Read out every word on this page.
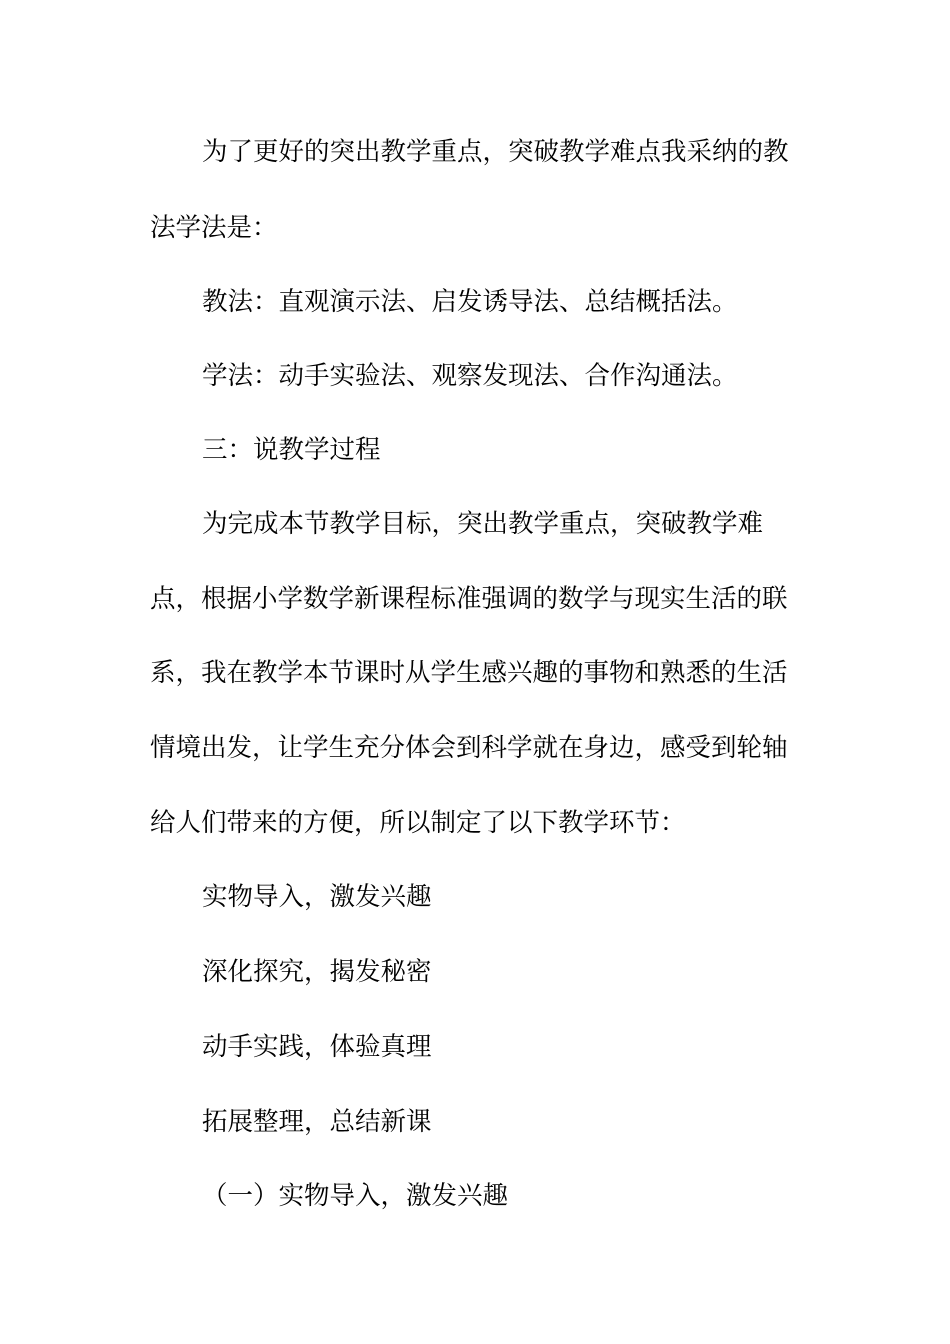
为了更好的突出教学重点，突破教学难点我采纳的教
法学法是：
教法：直观演示法、启发诱导法、总结概括法。
学法：动手实验法、观察发现法、合作沟通法。
三：说教学过程
为完成本节教学目标，突出教学重点，突破教学难
点，根据小学数学新课程标准强调的数学与现实生活的联
系，我在教学本节课时从学生感兴趣的事物和熟悉的生活
情境出发，让学生充分体会到科学就在身边，感受到轮轴
给人们带来的方便，所以制定了以下教学环节：
实物导入，激发兴趣
深化探究，揭发秘密
动手实践，体验真理
拓展整理，总结新课
（一）实物导入，激发兴趣
